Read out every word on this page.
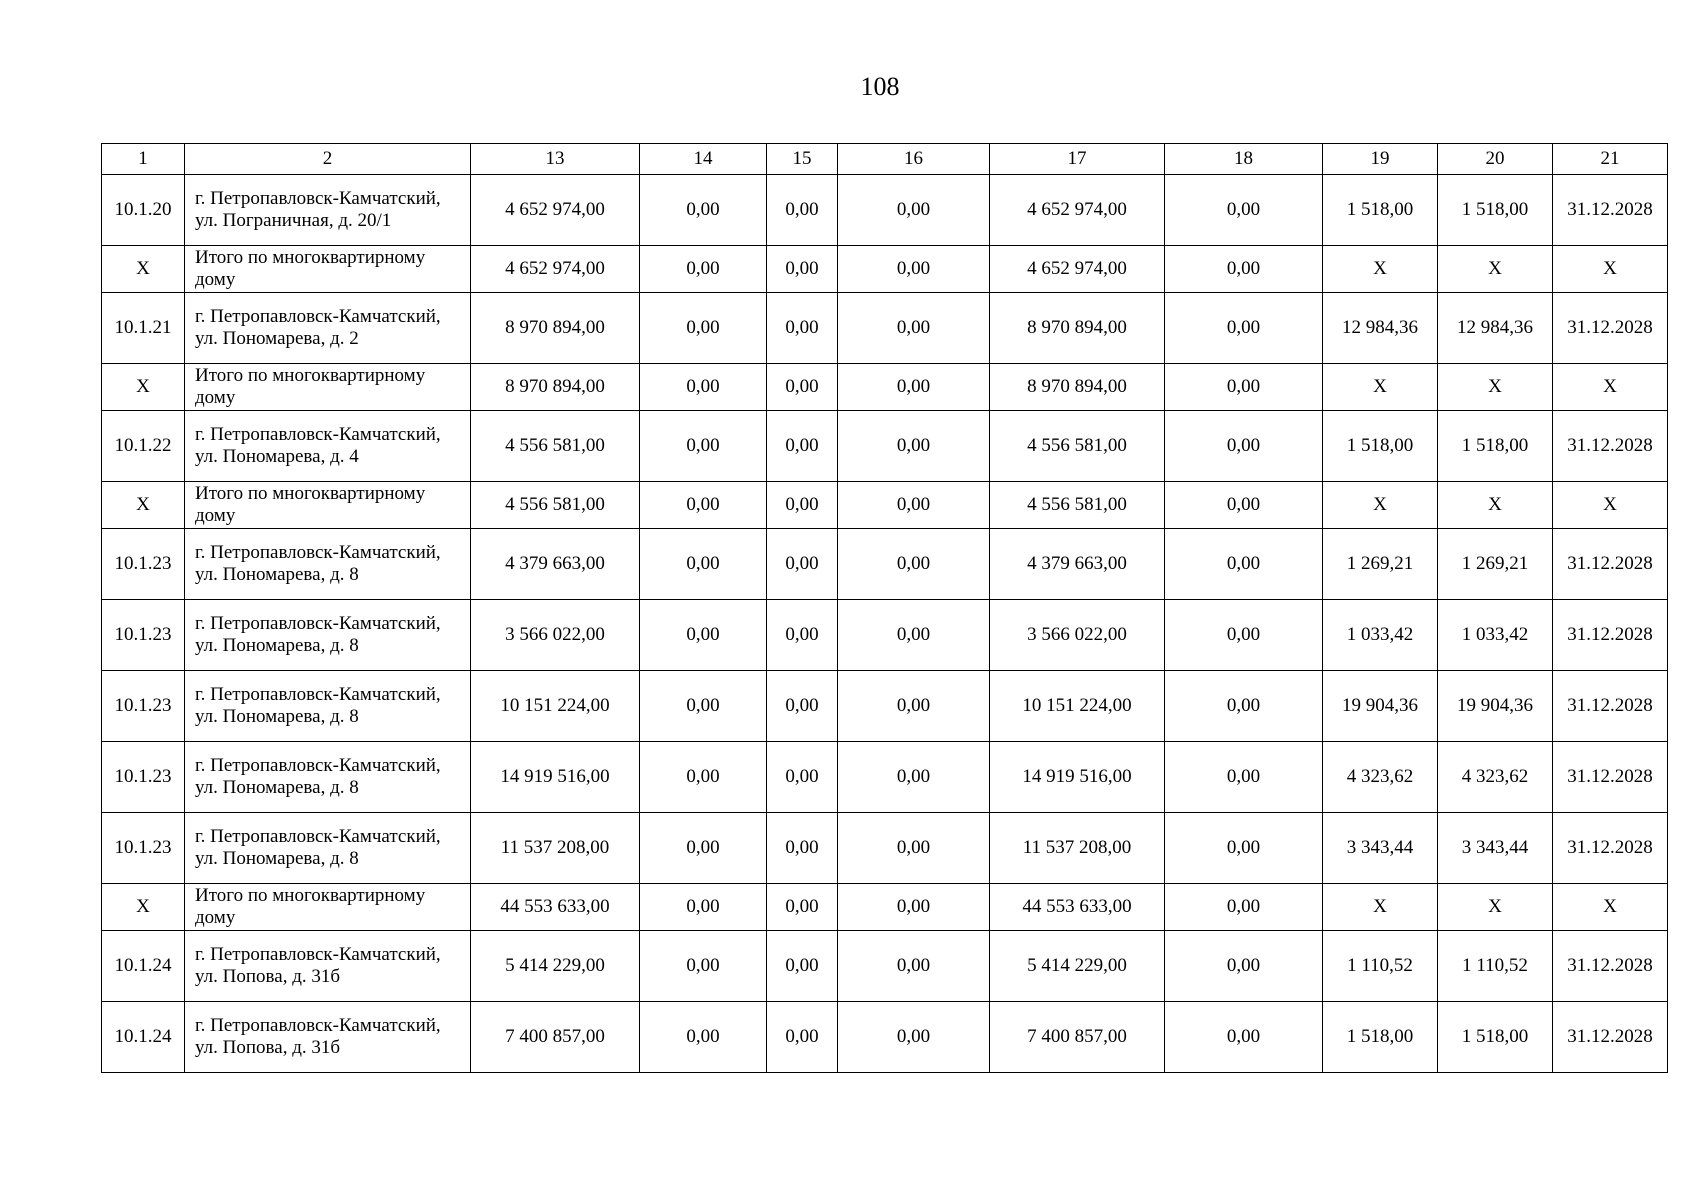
108
1	2	13	14	15	16	17	18	19	20	21
10.1.20	г. Петропавловск-Камчатский, ул. Пограничная, д. 20/1	4 652 974,00	0,00	0,00	0,00	4 652 974,00	0,00	1 518,00	1 518,00	31.12.2028
Х	Итого по многоквартирному дому	4 652 974,00	0,00	0,00	0,00	4 652 974,00	0,00	Х	Х	Х
10.1.21	г. Петропавловск-Камчатский, ул. Пономарева, д. 2	8 970 894,00	0,00	0,00	0,00	8 970 894,00	0,00	12 984,36	12 984,36	31.12.2028
Х	Итого по многоквартирному дому	8 970 894,00	0,00	0,00	0,00	8 970 894,00	0,00	Х	Х	Х
10.1.22	г. Петропавловск-Камчатский, ул. Пономарева, д. 4	4 556 581,00	0,00	0,00	0,00	4 556 581,00	0,00	1 518,00	1 518,00	31.12.2028
Х	Итого по многоквартирному дому	4 556 581,00	0,00	0,00	0,00	4 556 581,00	0,00	Х	Х	Х
10.1.23	г. Петропавловск-Камчатский, ул. Пономарева, д. 8	4 379 663,00	0,00	0,00	0,00	4 379 663,00	0,00	1 269,21	1 269,21	31.12.2028
10.1.23	г. Петропавловск-Камчатский, ул. Пономарева, д. 8	3 566 022,00	0,00	0,00	0,00	3 566 022,00	0,00	1 033,42	1 033,42	31.12.2028
10.1.23	г. Петропавловск-Камчатский, ул. Пономарева, д. 8	10 151 224,00	0,00	0,00	0,00	10 151 224,00	0,00	19 904,36	19 904,36	31.12.2028
10.1.23	г. Петропавловск-Камчатский, ул. Пономарева, д. 8	14 919 516,00	0,00	0,00	0,00	14 919 516,00	0,00	4 323,62	4 323,62	31.12.2028
10.1.23	г. Петропавловск-Камчатский, ул. Пономарева, д. 8	11 537 208,00	0,00	0,00	0,00	11 537 208,00	0,00	3 343,44	3 343,44	31.12.2028
Х	Итого по многоквартирному дому	44 553 633,00	0,00	0,00	0,00	44 553 633,00	0,00	Х	Х	Х
10.1.24	г. Петропавловск-Камчатский, ул. Попова, д. 31б	5 414 229,00	0,00	0,00	0,00	5 414 229,00	0,00	1 110,52	1 110,52	31.12.2028
10.1.24	г. Петропавловск-Камчатский, ул. Попова, д. 31б	7 400 857,00	0,00	0,00	0,00	7 400 857,00	0,00	1 518,00	1 518,00	31.12.2028
